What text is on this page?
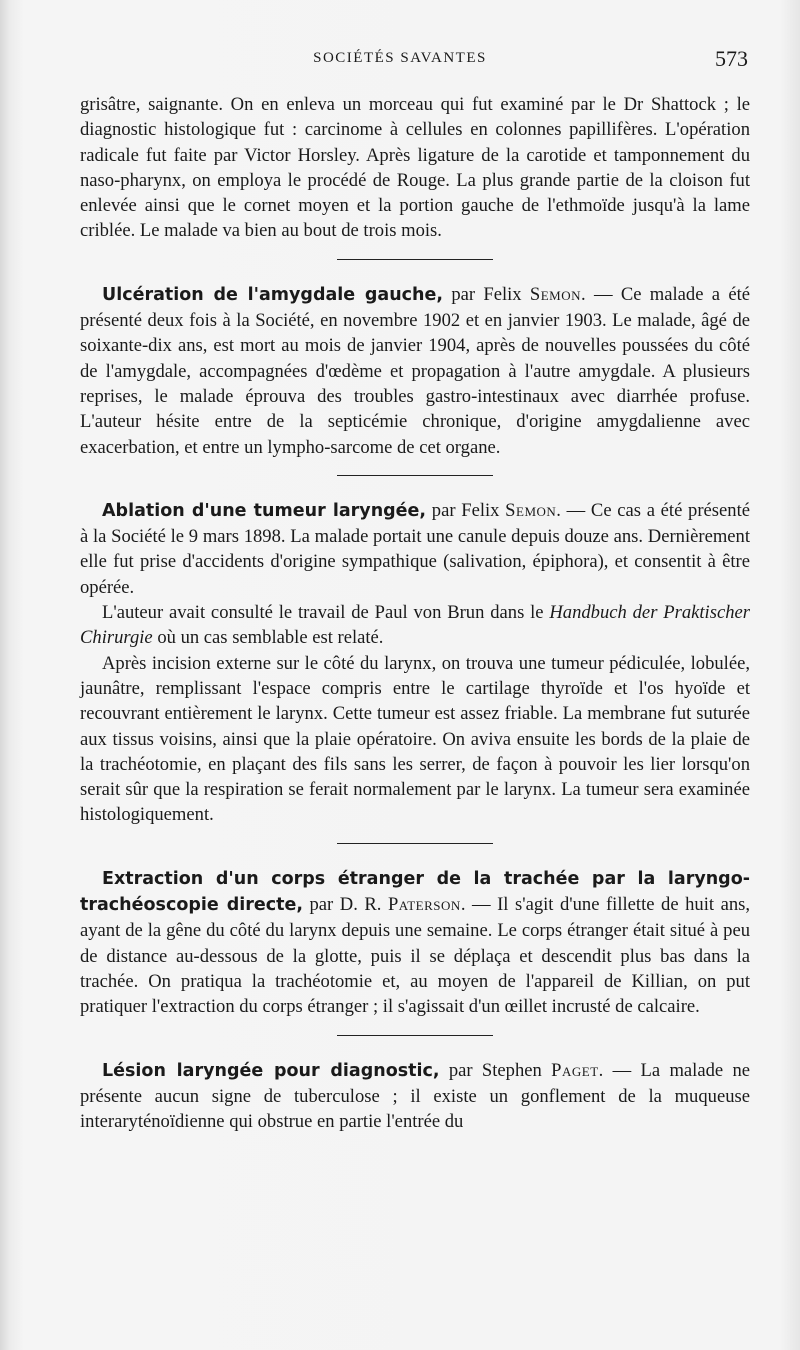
SOCIÉTÉS SAVANTES	573

grisâtre, saignante. On en enleva un morceau qui fut examiné par le Dr Shattock ; le diagnostic histologique fut : carcinome à cellules en colonnes papillifères. L'opération radicale fut faite par Victor Horsley. Après ligature de la carotide et tamponnement du naso-pharynx, on employa le procédé de Rouge. La plus grande partie de la cloison fut enlevée ainsi que le cornet moyen et la portion gauche de l'ethmoïde jusqu'à la lame criblée. Le malade va bien au bout de trois mois.

Ulcération de l'amygdale gauche, par Felix Semon. — Ce malade a été présenté deux fois à la Société, en novembre 1902 et en janvier 1903. Le malade, âgé de soixante-dix ans, est mort au mois de janvier 1904, après de nouvelles poussées du côté de l'amygdale, accompagnées d'œdème et propagation à l'autre amygdale. A plusieurs reprises, le malade éprouva des troubles gastro-intestinaux avec diarrhée profuse. L'auteur hésite entre de la septicémie chronique, d'origine amygdalienne avec exacerbation, et entre un lympho-sarcome de cet organe.

Ablation d'une tumeur laryngée, par Felix Semon. — Ce cas a été présenté à la Société le 9 mars 1898. La malade portait une canule depuis douze ans. Dernièrement elle fut prise d'accidents d'origine sympathique (salivation, épiphora), et consentit à être opérée.

L'auteur avait consulté le travail de Paul von Brun dans le Handbuch der Praktischer Chirurgie où un cas semblable est relaté.

Après incision externe sur le côté du larynx, on trouva une tumeur pédiculée, lobulée, jaunâtre, remplissant l'espace compris entre le cartilage thyroïde et l'os hyoïde et recouvrant entièrement le larynx. Cette tumeur est assez friable. La membrane fut suturée aux tissus voisins, ainsi que la plaie opératoire. On aviva ensuite les bords de la plaie de la trachéotomie, en plaçant des fils sans les serrer, de façon à pouvoir les lier lorsqu'on serait sûr que la respiration se ferait normalement par le larynx. La tumeur sera examinée histologiquement.

Extraction d'un corps étranger de la trachée par la laryngo-trachéoscopie directe, par D. R. Paterson. — Il s'agit d'une fillette de huit ans, ayant de la gêne du côté du larynx depuis une semaine. Le corps étranger était situé à peu de distance au-dessous de la glotte, puis il se déplaça et descendit plus bas dans la trachée. On pratiqua la trachéotomie et, au moyen de l'appareil de Killian, on put pratiquer l'extraction du corps étranger ; il s'agissait d'un œillet incrusté de calcaire.

Lésion laryngée pour diagnostic, par Stephen Paget. — La malade ne présente aucun signe de tuberculose ; il existe un gonflement de la muqueuse interaryténoïdienne qui obstrue en partie l'entrée du
